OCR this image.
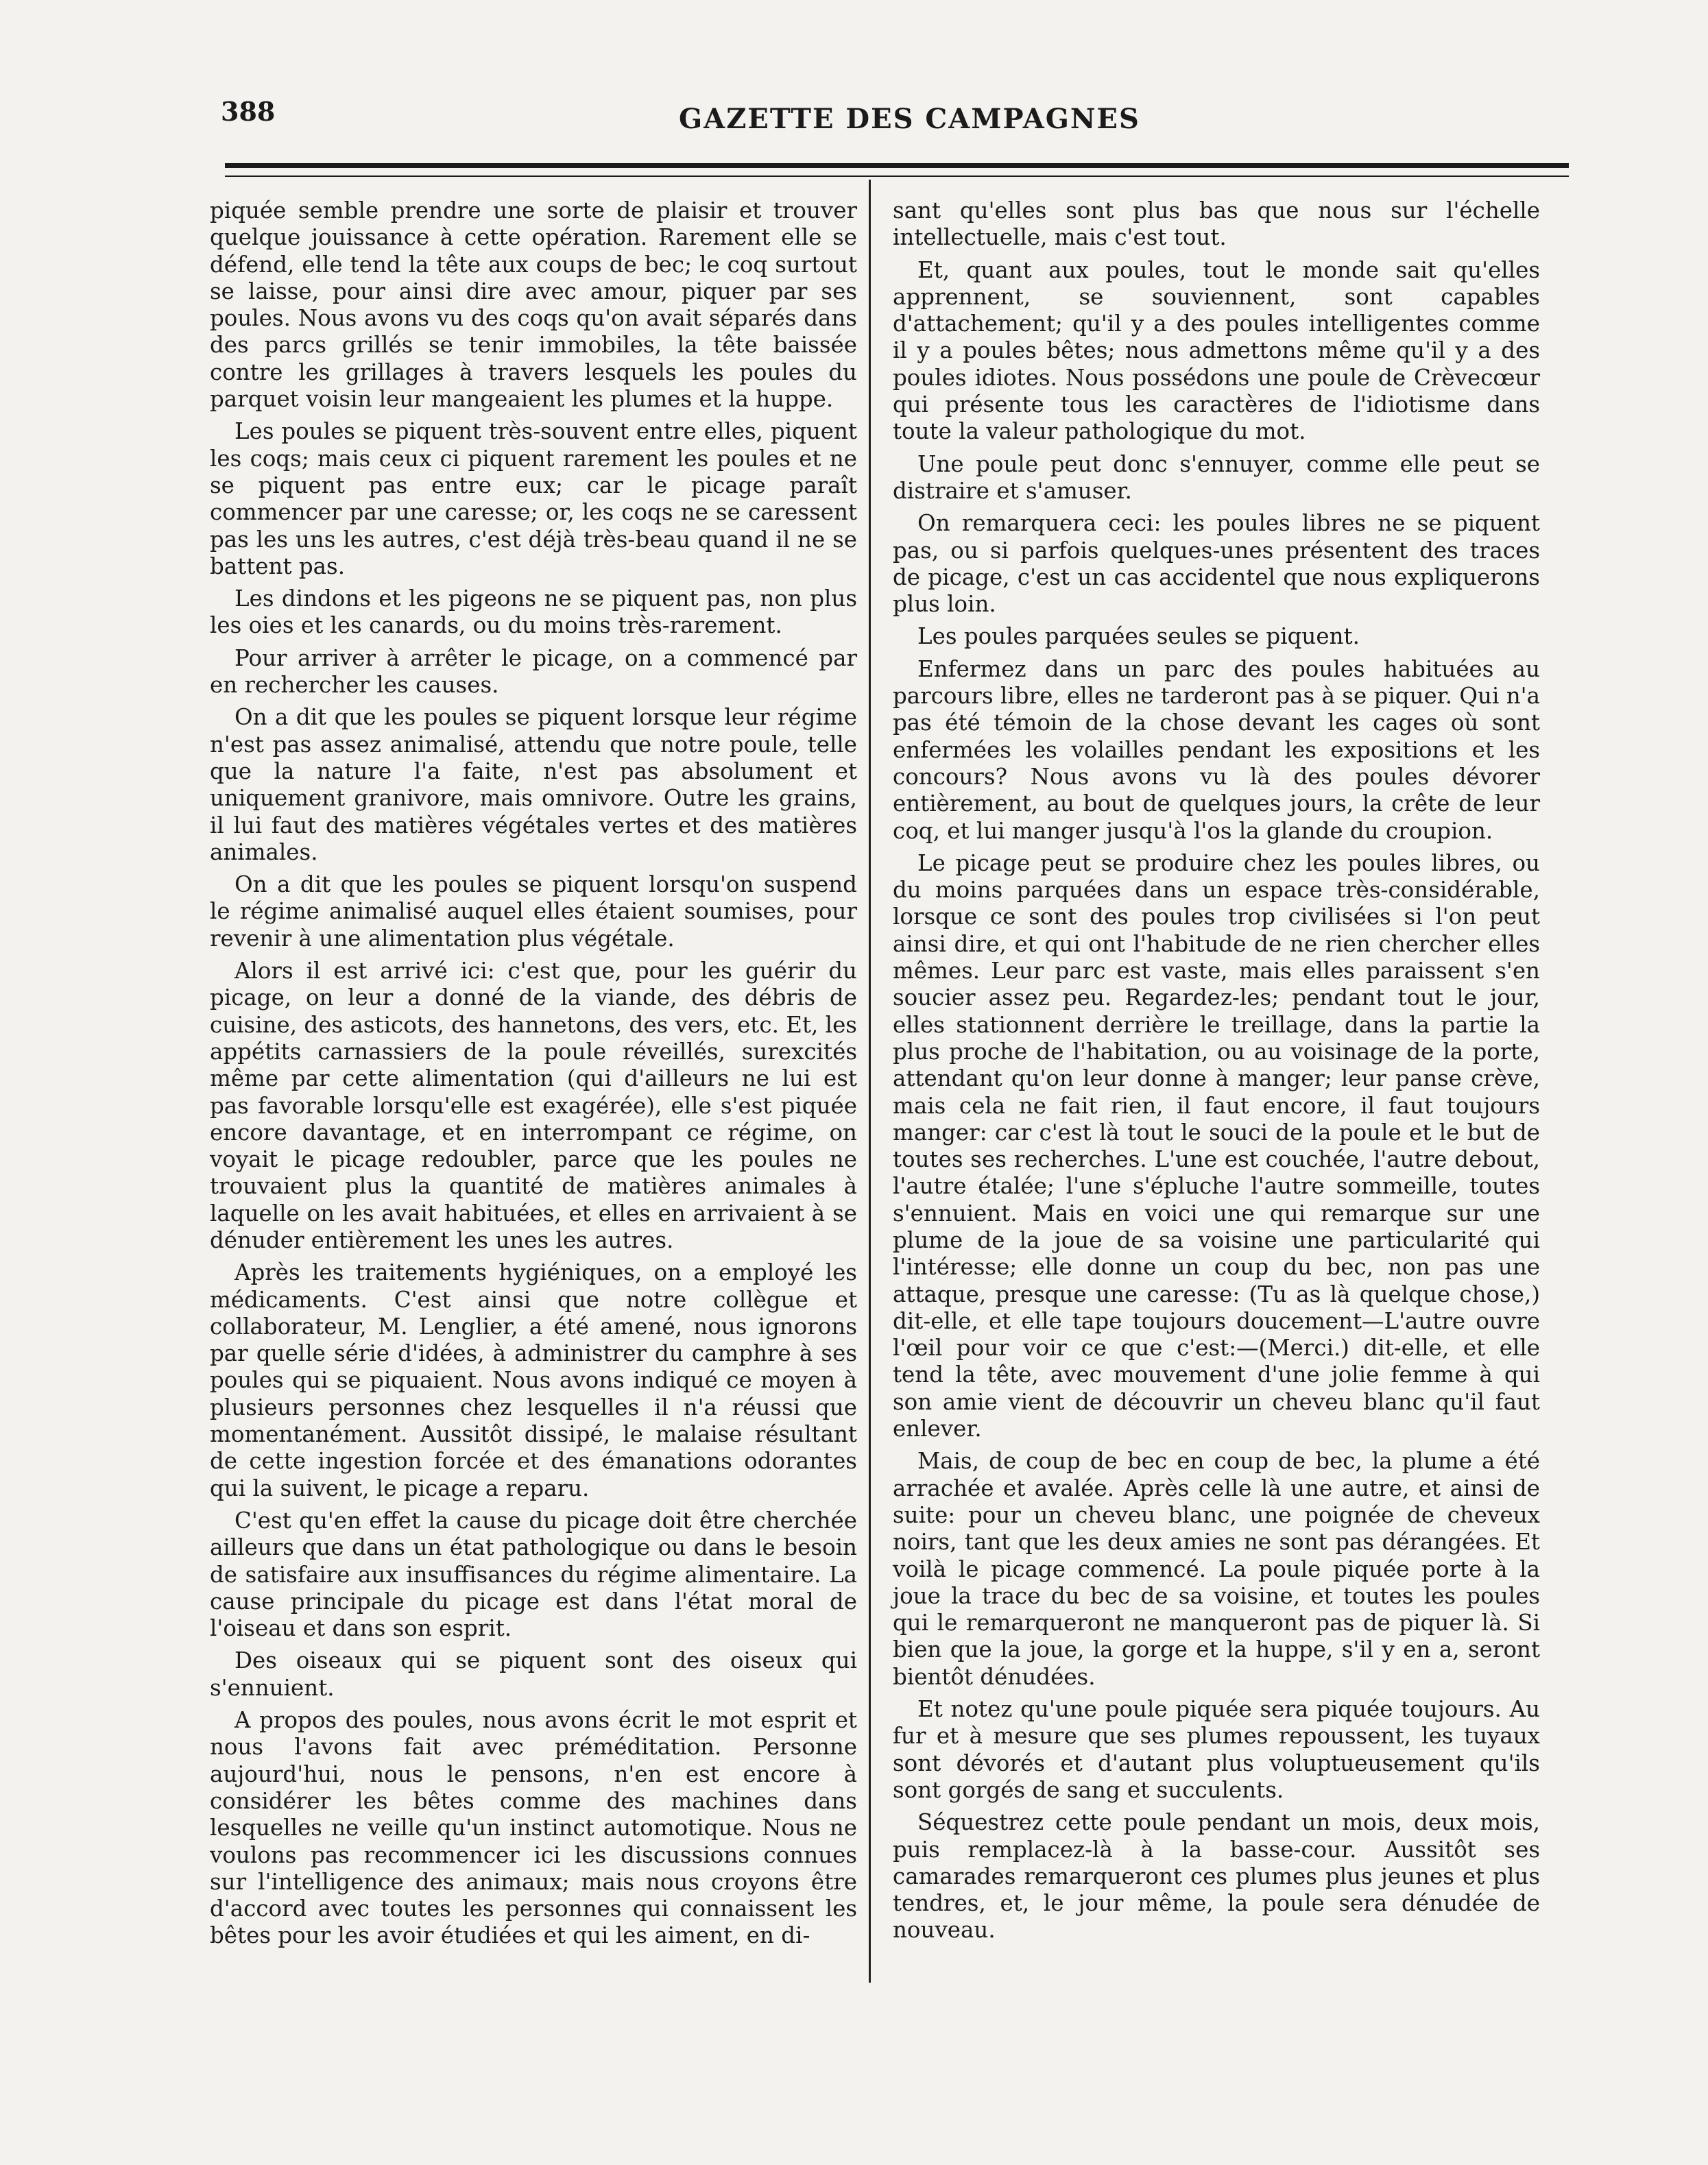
388	GAZETTE DES CAMPAGNES

piquée semble prendre une sorte de plaisir et trouver quelque jouissance à cette opération. Rarement elle se défend, elle tend la tête aux coups de bec; le coq surtout se laisse, pour ainsi dire avec amour, piquer par ses poules. Nous avons vu des coqs qu'on avait séparés dans des parcs grillés se tenir immobiles, la tête baissée contre les grillages à travers lesquels les poules du parquet voisin leur mangeaient les plumes et la huppe.

Les poules se piquent très-souvent entre elles, piquent les coqs; mais ceux ci piquent rarement les poules et ne se piquent pas entre eux; car le picage paraît commencer par une caresse; or, les coqs ne se caressent pas les uns les autres, c'est déjà très-beau quand il ne se battent pas.

Les dindons et les pigeons ne se piquent pas, non plus les oies et les canards, ou du moins très-rarement.

Pour arriver à arrêter le picage, on a commencé par en rechercher les causes.

On a dit que les poules se piquent lorsque leur régime n'est pas assez animalisé, attendu que notre poule, telle que la nature l'a faite, n'est pas absolument et uniquement granivore, mais omnivore. Outre les grains, il lui faut des matières végétales vertes et des matières animales.

On a dit que les poules se piquent lorsqu'on suspend le régime animalisé auquel elles étaient soumises, pour revenir à une alimentation plus végétale.

Alors il est arrivé ici: c'est que, pour les guérir du picage, on leur a donné de la viande, des débris de cuisine, des asticots, des hannetons, des vers, etc. Et, les appétits carnassiers de la poule réveillés, surexcités même par cette alimentation (qui d'ailleurs ne lui est pas favorable lorsqu'elle est exagérée), elle s'est piquée encore davantage, et en interrompant ce régime, on voyait le picage redoubler, parce que les poules ne trouvaient plus la quantité de matières animales à laquelle on les avait habituées, et elles en arrivaient à se dénuder entièrement les unes les autres.

Après les traitements hygiéniques, on a employé les médicaments. C'est ainsi que notre collègue et collaborateur, M. Lenglier, a été amené, nous ignorons par quelle série d'idées, à administrer du camphre à ses poules qui se piquaient. Nous avons indiqué ce moyen à plusieurs personnes chez lesquelles il n'a réussi que momentanément. Aussitôt dissipé, le malaise résultant de cette ingestion forcée et des émanations odorantes qui la suivent, le picage a reparu.

C'est qu'en effet la cause du picage doit être cherchée ailleurs que dans un état pathologique ou dans le besoin de satisfaire aux insuffisances du régime alimentaire. La cause principale du picage est dans l'état moral de l'oiseau et dans son esprit.

Des oiseaux qui se piquent sont des oiseux qui s'ennuient.

A propos des poules, nous avons écrit le mot esprit et nous l'avons fait avec préméditation. Personne aujourd'hui, nous le pensons, n'en est encore à considérer les bêtes comme des machines dans lesquelles ne veille qu'un instinct automotique. Nous ne voulons pas recommencer ici les discussions connues sur l'intelligence des animaux; mais nous croyons être d'accord avec toutes les personnes qui connaissent les bêtes pour les avoir étudiées et qui les aiment, en di-

sant qu'elles sont plus bas que nous sur l'échelle intellectuelle, mais c'est tout.

Et, quant aux poules, tout le monde sait qu'elles apprennent, se souviennent, sont capables d'attachement; qu'il y a des poules intelligentes comme il y a poules bêtes; nous admettons même qu'il y a des poules idiotes. Nous possédons une poule de Crèvecœur qui présente tous les caractères de l'idiotisme dans toute la valeur pathologique du mot.

Une poule peut donc s'ennuyer, comme elle peut se distraire et s'amuser.

On remarquera ceci: les poules libres ne se piquent pas, ou si parfois quelques-unes présentent des traces de picage, c'est un cas accidentel que nous expliquerons plus loin.

Les poules parquées seules se piquent.

Enfermez dans un parc des poules habituées au parcours libre, elles ne tarderont pas à se piquer. Qui n'a pas été témoin de la chose devant les cages où sont enfermées les volailles pendant les expositions et les concours? Nous avons vu là des poules dévorer entièrement, au bout de quelques jours, la crête de leur coq, et lui manger jusqu'à l'os la glande du croupion.

Le picage peut se produire chez les poules libres, ou du moins parquées dans un espace très-considérable, lorsque ce sont des poules trop civilisées si l'on peut ainsi dire, et qui ont l'habitude de ne rien chercher elles mêmes. Leur parc est vaste, mais elles paraissent s'en soucier assez peu. Regardez-les; pendant tout le jour, elles stationnent derrière le treillage, dans la partie la plus proche de l'habitation, ou au voisinage de la porte, attendant qu'on leur donne à manger; leur panse crève, mais cela ne fait rien, il faut encore, il faut toujours manger: car c'est là tout le souci de la poule et le but de toutes ses recherches. L'une est couchée, l'autre debout, l'autre étalée; l'une s'épluche l'autre sommeille, toutes s'ennuient. Mais en voici une qui remarque sur une plume de la joue de sa voisine une particularité qui l'intéresse; elle donne un coup du bec, non pas une attaque, presque une caresse: (Tu as là quelque chose,) dit-elle, et elle tape toujours doucement—L'autre ouvre l'œil pour voir ce que c'est:—(Merci.) dit-elle, et elle tend la tête, avec mouvement d'une jolie femme à qui son amie vient de découvrir un cheveu blanc qu'il faut enlever.

Mais, de coup de bec en coup de bec, la plume a été arrachée et avalée. Après celle là une autre, et ainsi de suite: pour un cheveu blanc, une poignée de cheveux noirs, tant que les deux amies ne sont pas dérangées. Et voilà le picage commencé. La poule piquée porte à la joue la trace du bec de sa voisine, et toutes les poules qui le remarqueront ne manqueront pas de piquer là. Si bien que la joue, la gorge et la huppe, s'il y en a, seront bientôt dénudées.

Et notez qu'une poule piquée sera piquée toujours. Au fur et à mesure que ses plumes repoussent, les tuyaux sont dévorés et d'autant plus voluptueusement qu'ils sont gorgés de sang et succulents.

Séquestrez cette poule pendant un mois, deux mois, puis remplacez-là à la basse-cour. Aussitôt ses camarades remarqueront ces plumes plus jeunes et plus tendres, et, le jour même, la poule sera dénudée de nouveau.
